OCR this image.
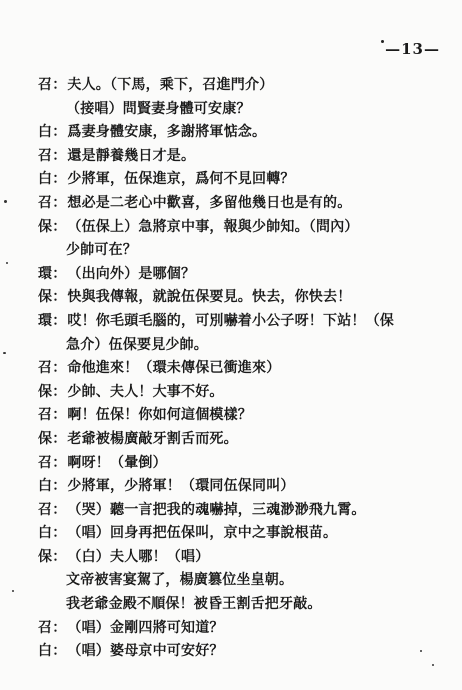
—13—
召：夫人。（下馬，乘下，召進門介）
（接唱）問賢妻身體可安康？
白：爲妻身體安康，多謝將軍惦念。
召：還是靜養幾日才是。
白：少將軍，伍保進京，爲何不見回轉？
召：想必是二老心中歡喜，多留他幾日也是有的。
保：（伍保上）急將京中事，報與少帥知。（問內）
少帥可在？
環：（出向外）是哪個？
保：快與我傳報，就說伍保要見。快去，你快去！
環：哎！你毛頭毛腦的，可別嚇着小公子呀！下站！（保
急介）伍保要見少帥。
召：命他進來！（環未傳保已衝進來）
保：少帥、夫人！大事不好。
召：啊！伍保！你如何這個模樣？
保：老爺被楊廣敲牙割舌而死。
召：啊呀！（暈倒）
白：少將軍，少將軍！（環同伍保同叫）
召：（哭）聽一言把我的魂嚇掉，三魂渺渺飛九霄。
白：（唱）回身再把伍保叫，京中之事說根苗。
保：（白）夫人哪！（唱）
文帝被害宴駕了，楊廣篡位坐皇朝。
我老爺金殿不順保！被昏王割舌把牙敲。
召：（唱）金剛四將可知道？
白：（唱）婆母京中可安好？
